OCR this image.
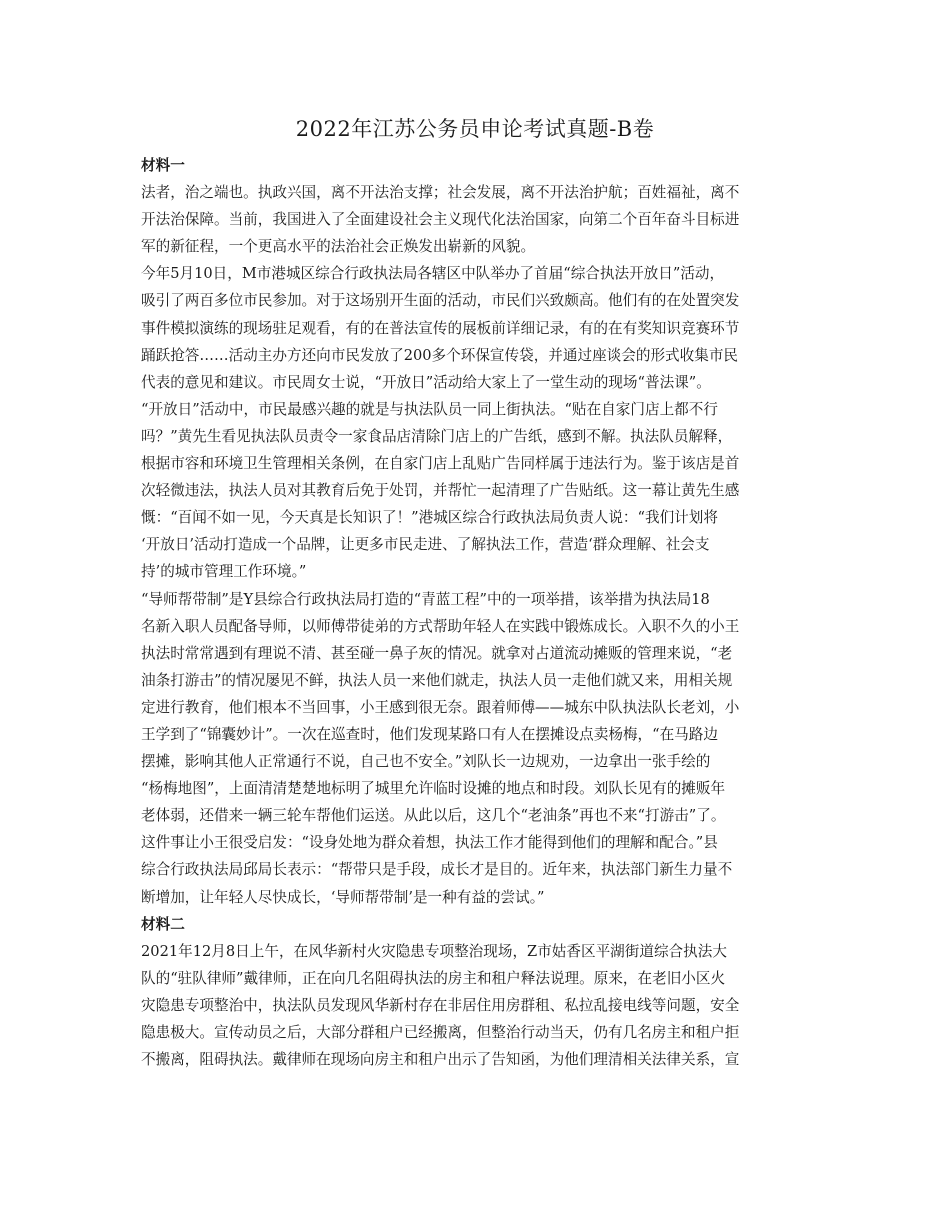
2022年江苏公务员申论考试真题-B卷
材料一
法者，治之端也。执政兴国，离不开法治支撑；社会发展，离不开法治护航；百姓福祉，离不
开法治保障。当前，我国进入了全面建设社会主义现代化法治国家，向第二个百年奋斗目标进
军的新征程，一个更高水平的法治社会正焕发出崭新的风貌。
今年5月10日，M市港城区综合行政执法局各辖区中队举办了首届“综合执法开放日”活动，
吸引了两百多位市民参加。对于这场别开生面的活动，市民们兴致颇高。他们有的在处置突发
事件模拟演练的现场驻足观看，有的在普法宣传的展板前详细记录，有的在有奖知识竞赛环节
踊跃抢答……活动主办方还向市民发放了200多个环保宣传袋，并通过座谈会的形式收集市民
代表的意见和建议。市民周女士说，“开放日”活动给大家上了一堂生动的现场“普法课”。
“开放日”活动中，市民最感兴趣的就是与执法队员一同上街执法。“贴在自家门店上都不行
吗？”黄先生看见执法队员责令一家食品店清除门店上的广告纸，感到不解。执法队员解释，
根据市容和环境卫生管理相关条例，在自家门店上乱贴广告同样属于违法行为。鉴于该店是首
次轻微违法，执法人员对其教育后免于处罚，并帮忙一起清理了广告贴纸。这一幕让黄先生感
慨：“百闻不如一见，今天真是长知识了！”港城区综合行政执法局负责人说：“我们计划将
‘开放日’活动打造成一个品牌，让更多市民走进、了解执法工作，营造‘群众理解、社会支
持’的城市管理工作环境。”
“导师帮带制”是Y县综合行政执法局打造的“青蓝工程”中的一项举措，该举措为执法局18
名新入职人员配备导师，以师傅带徒弟的方式帮助年轻人在实践中锻炼成长。入职不久的小王
执法时常常遇到有理说不清、甚至碰一鼻子灰的情况。就拿对占道流动摊贩的管理来说，“老
油条打游击”的情况屡见不鲜，执法人员一来他们就走，执法人员一走他们就又来，用相关规
定进行教育，他们根本不当回事，小王感到很无奈。跟着师傅——城东中队执法队长老刘，小
王学到了“锦囊妙计”。一次在巡查时，他们发现某路口有人在摆摊设点卖杨梅，“在马路边
摆摊，影响其他人正常通行不说，自己也不安全。”刘队长一边规劝，一边拿出一张手绘的
“杨梅地图”，上面清清楚楚地标明了城里允许临时设摊的地点和时段。刘队长见有的摊贩年
老体弱，还借来一辆三轮车帮他们运送。从此以后，这几个“老油条”再也不来“打游击”了。
这件事让小王很受启发：“设身处地为群众着想，执法工作才能得到他们的理解和配合。”县
综合行政执法局邱局长表示：“帮带只是手段，成长才是目的。近年来，执法部门新生力量不
断增加，让年轻人尽快成长，‘导师帮带制’是一种有益的尝试。”
材料二
2021年12月8日上午，在风华新村火灾隐患专项整治现场，Z市姑香区平湖街道综合执法大
队的“驻队律师”戴律师，正在向几名阻碍执法的房主和租户释法说理。原来，在老旧小区火
灾隐患专项整治中，执法队员发现风华新村存在非居住用房群租、私拉乱接电线等问题，安全
隐患极大。宣传动员之后，大部分群租户已经搬离，但整治行动当天，仍有几名房主和租户拒
不搬离，阻碍执法。戴律师在现场向房主和租户出示了告知函，为他们理清相关法律关系，宣
